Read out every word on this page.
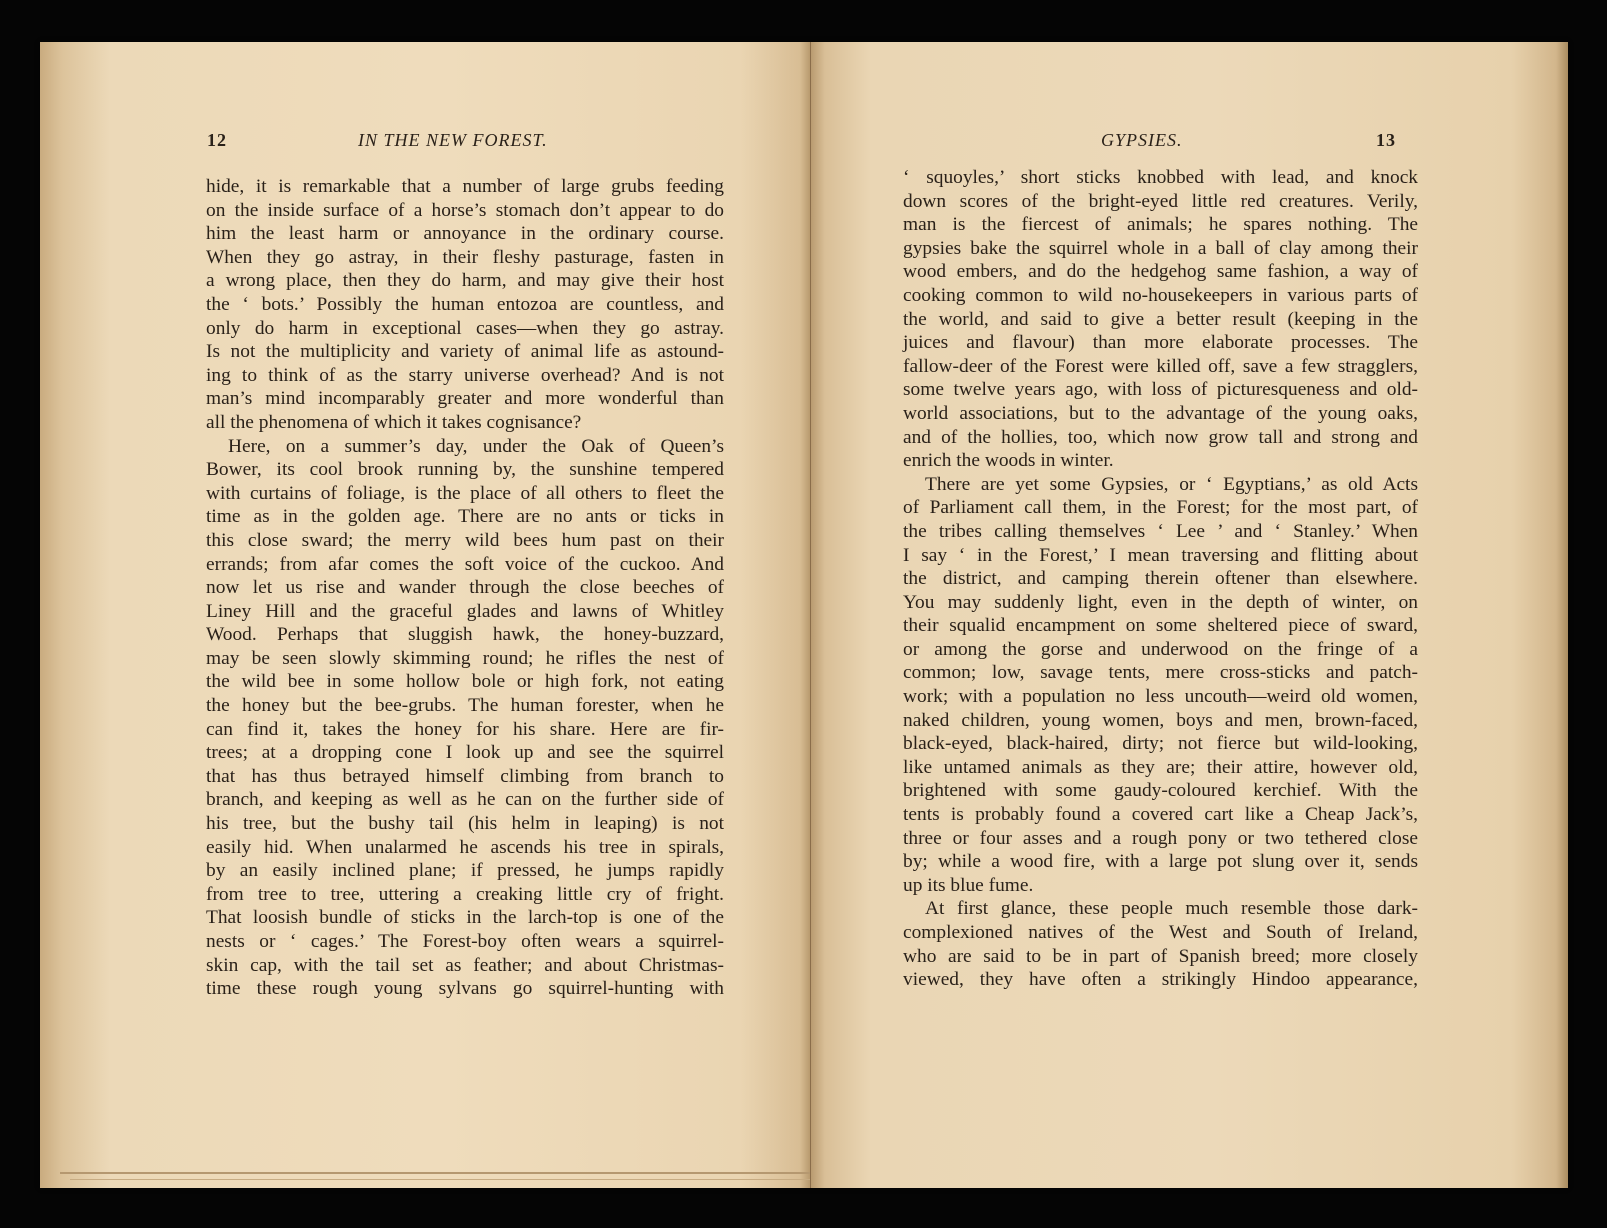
12	IN THE NEW FOREST.
hide, it is remarkable that a number of large grubs feeding
on the inside surface of a horse’s stomach don’t appear to do
him the least harm or annoyance in the ordinary course.
When they go astray, in their fleshy pasturage, fasten in
a wrong place, then they do harm, and may give their host
the ‘ bots.’ Possibly the human entozoa are countless, and
only do harm in exceptional cases—when they go astray.
Is not the multiplicity and variety of animal life as astound-
ing to think of as the starry universe overhead? And is not
man’s mind incomparably greater and more wonderful than
all the phenomena of which it takes cognisance?
Here, on a summer’s day, under the Oak of Queen’s
Bower, its cool brook running by, the sunshine tempered
with curtains of foliage, is the place of all others to fleet the
time as in the golden age. There are no ants or ticks in
this close sward; the merry wild bees hum past on their
errands; from afar comes the soft voice of the cuckoo. And
now let us rise and wander through the close beeches of
Liney Hill and the graceful glades and lawns of Whitley
Wood. Perhaps that sluggish hawk, the honey-buzzard,
may be seen slowly skimming round; he rifles the nest of
the wild bee in some hollow bole or high fork, not eating
the honey but the bee-grubs. The human forester, when he
can find it, takes the honey for his share. Here are fir-
trees; at a dropping cone I look up and see the squirrel
that has thus betrayed himself climbing from branch to
branch, and keeping as well as he can on the further side of
his tree, but the bushy tail (his helm in leaping) is not
easily hid. When unalarmed he ascends his tree in spirals,
by an easily inclined plane; if pressed, he jumps rapidly
from tree to tree, uttering a creaking little cry of fright.
That loosish bundle of sticks in the larch-top is one of the
nests or ‘ cages.’ The Forest-boy often wears a squirrel-
skin cap, with the tail set as feather; and about Christmas-
time these rough young sylvans go squirrel-hunting with
GYPSIES.	13
‘ squoyles,’ short sticks knobbed with lead, and knock
down scores of the bright-eyed little red creatures. Verily,
man is the fiercest of animals; he spares nothing. The
gypsies bake the squirrel whole in a ball of clay among their
wood embers, and do the hedgehog same fashion, a way of
cooking common to wild no-housekeepers in various parts of
the world, and said to give a better result (keeping in the
juices and flavour) than more elaborate processes. The
fallow-deer of the Forest were killed off, save a few stragglers,
some twelve years ago, with loss of picturesqueness and old-
world associations, but to the advantage of the young oaks,
and of the hollies, too, which now grow tall and strong and
enrich the woods in winter.
There are yet some Gypsies, or ‘ Egyptians,’ as old Acts
of Parliament call them, in the Forest; for the most part, of
the tribes calling themselves ‘ Lee ’ and ‘ Stanley.’ When
I say ‘ in the Forest,’ I mean traversing and flitting about
the district, and camping therein oftener than elsewhere.
You may suddenly light, even in the depth of winter, on
their squalid encampment on some sheltered piece of sward,
or among the gorse and underwood on the fringe of a
common; low, savage tents, mere cross-sticks and patch-
work; with a population no less uncouth—weird old women,
naked children, young women, boys and men, brown-faced,
black-eyed, black-haired, dirty; not fierce but wild-looking,
like untamed animals as they are; their attire, however old,
brightened with some gaudy-coloured kerchief. With the
tents is probably found a covered cart like a Cheap Jack’s,
three or four asses and a rough pony or two tethered close
by; while a wood fire, with a large pot slung over it, sends
up its blue fume.
At first glance, these people much resemble those dark-
complexioned natives of the West and South of Ireland,
who are said to be in part of Spanish breed; more closely
viewed, they have often a strikingly Hindoo appearance,
